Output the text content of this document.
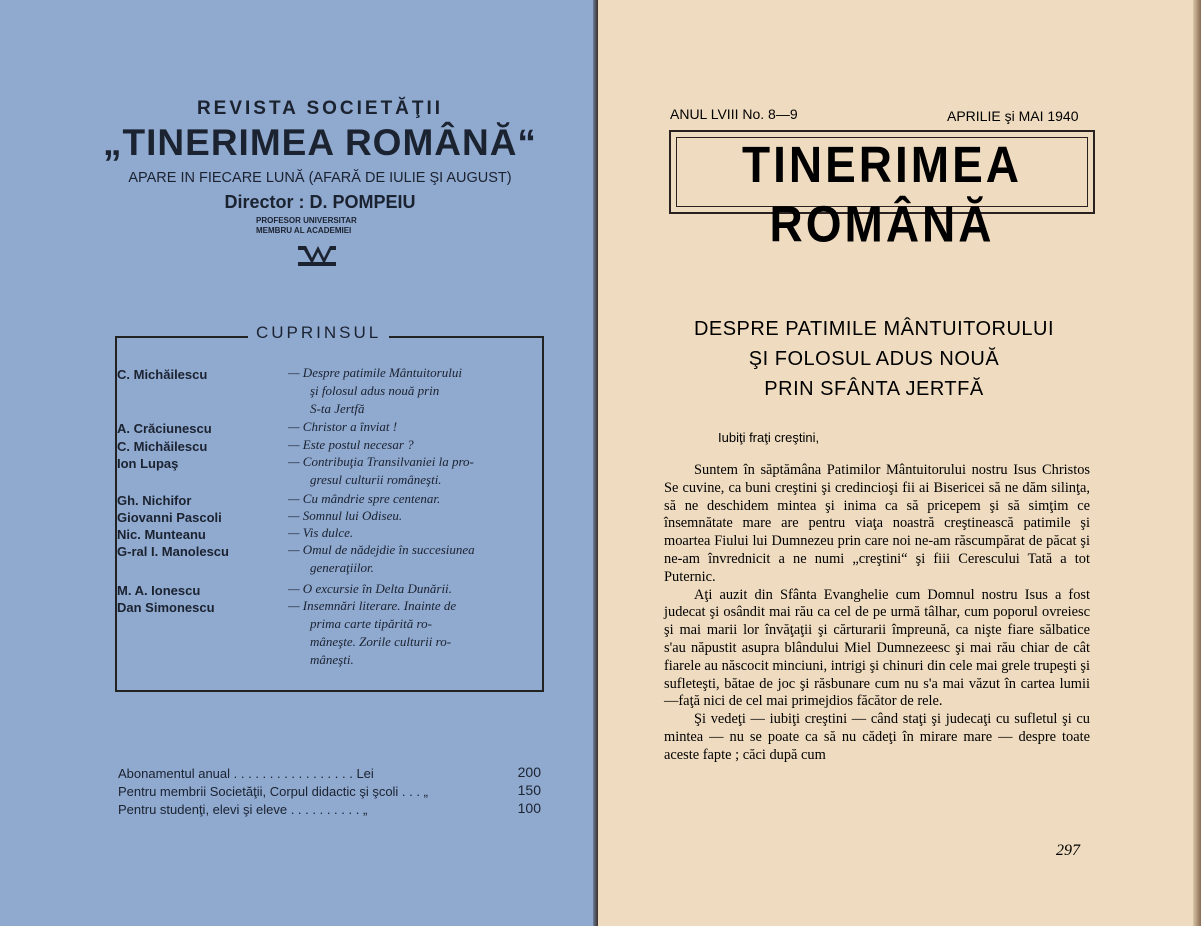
REVISTA SOCIETĂŢII
„TINERIMEA ROMÂNĂ“
APARE IN FIECARE LUNĂ (AFARĂ DE IULIE ŞI AUGUST)
Director : D. POMPEIU
PROFESOR UNIVERSITAR
MEMBRU AL ACADEMIEI
CUPRINSUL
C. Michăilescu	— Despre patimile Mântuitorului
şi folosul adus nouă prin
S-ta Jertfă
A. Crăciunescu	— Christor a înviat !
C. Michăilescu	— Este postul necesar ?
Ion Lupaş	— Contribuţia Transilvaniei la pro-
gresul culturii româneşti.
Gh. Nichifor	— Cu mândrie spre centenar.
Giovanni Pascoli	— Somnul lui Odiseu.
Nic. Munteanu	— Vis dulce.
G-ral I. Manolescu	— Omul de nădejdie în succesiunea
generaţiilor.
M. A. Ionescu	— O excursie în Delta Dunării.
Dan Simonescu	— Insemnări literare. Inainte de
prima carte tipărită ro-
mâneşte. Zorile culturii ro-
mâneşti.
Abonamentul anual . . . . . . . . . . . . . . . . . Lei	200
Pentru membrii Societăţii, Corpul didactic şi şcoli . . . „	150
Pentru studenţi, elevi şi eleve . . . . . . . . . . „	100
ANUL LVIII No. 8—9	APRILIE şi MAI 1940
TINERIMEA ROMÂNĂ
DESPRE PATIMILE MÂNTUITORULUI
ŞI FOLOSUL ADUS NOUĂ
PRIN SFÂNTA JERTFĂ
Iubiţi fraţi creştini,

Suntem în săptămâna Patimilor Mântuitorului nostru Isus Christos Se cuvine, ca buni creştini şi credincioşi fii ai Bisericei să ne dăm silinţa, să ne deschidem mintea şi inima ca să pricepem şi să simţim ce însemnătate mare are pentru viaţa noastră creştinească patimile şi moartea Fiului lui Dumnezeu prin care noi ne-am răscumpărat de păcat şi ne-am învrednicit a ne numi „creştini“ şi fiii Cerescului Tată a tot Puternic.

Aţi auzit din Sfânta Evanghelie cum Domnul nostru Isus a fost judecat şi osândit mai rău ca cel de pe urmă tâlhar, cum poporul ovreiesc şi mai marii lor învăţaţii şi cărturarii împreună, ca nişte fiare sălbatice s'au năpustit asupra blândului Miel Dumnezeesc şi mai rău chiar de cât fiarele au născocit minciuni, intrigi şi chinuri din cele mai grele trupeşti şi sufleteşti, bătae de joc şi răsbunare cum nu s'a mai văzut în cartea lumii—faţă nici de cel mai primejdios făcător de rele.

Şi vedeţi — iubiţi creştini — când staţi şi judecaţi cu sufletul şi cu mintea — nu se poate ca să nu cădeţi în mirare mare — despre toate aceste fapte ; căci după cum

297
